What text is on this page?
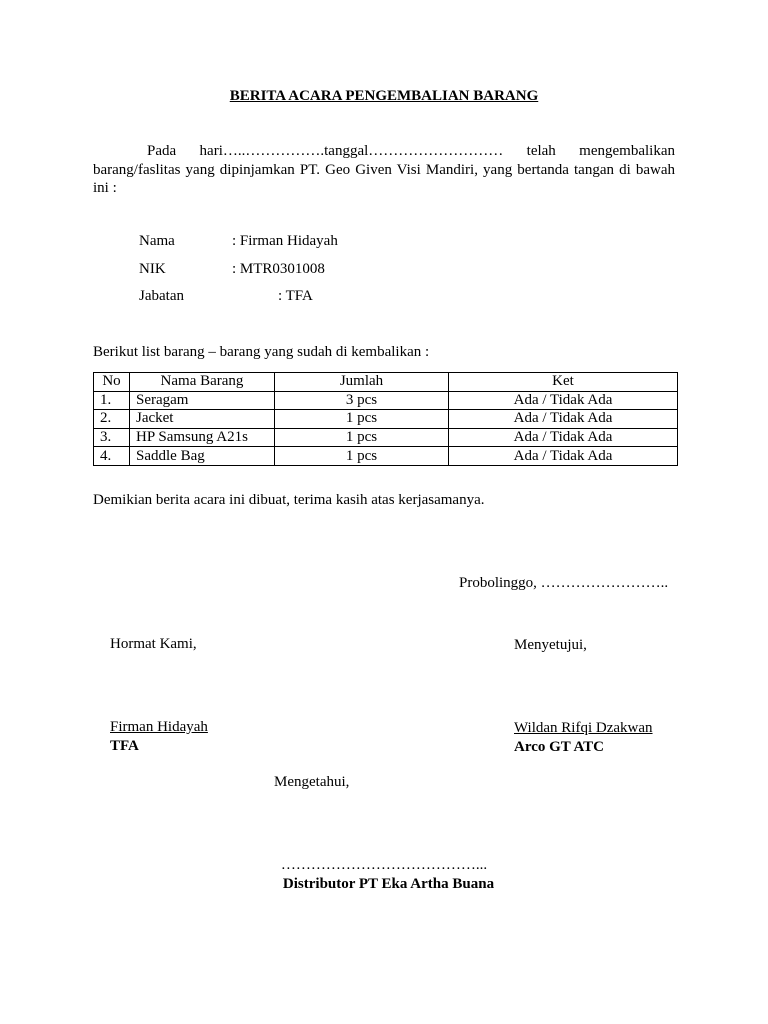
BERITA ACARA PENGEMBALIAN BARANG
Pada hari…..…………….tanggal……………………… telah mengembalikan barang/faslitas yang dipinjamkan PT. Geo Given Visi Mandiri, yang bertanda tangan di bawah ini :
Nama	: Firman Hidayah
NIK	: MTR0301008
Jabatan	: TFA
Berikut list barang – barang yang sudah di kembalikan :
No	Nama Barang	Jumlah	Ket
1.	Seragam	3 pcs	Ada / Tidak Ada
2.	Jacket	1 pcs	Ada / Tidak Ada
3.	HP Samsung A21s	1 pcs	Ada / Tidak Ada
4.	Saddle Bag	1 pcs	Ada / Tidak Ada
Demikian berita acara ini dibuat, terima kasih atas kerjasamanya.
Probolinggo, ……………………..
Hormat Kami,	Menyetujui,
Firman Hidayah
TFA
Wildan Rifqi Dzakwan
Arco GT ATC
Mengetahui,
…………………………………...
Distributor PT Eka Artha Buana
